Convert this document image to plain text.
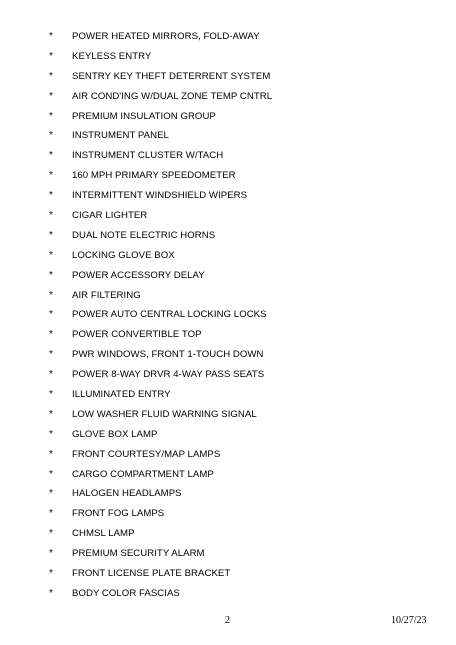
* POWER HEATED MIRRORS, FOLD-AWAY
* KEYLESS ENTRY
* SENTRY KEY THEFT DETERRENT SYSTEM
* AIR COND'ING W/DUAL ZONE TEMP CNTRL
* PREMIUM INSULATION GROUP
* INSTRUMENT PANEL
* INSTRUMENT CLUSTER W/TACH
* 160 MPH PRIMARY SPEEDOMETER
* INTERMITTENT WINDSHIELD WIPERS
* CIGAR LIGHTER
* DUAL NOTE ELECTRIC HORNS
* LOCKING GLOVE BOX
* POWER ACCESSORY DELAY
* AIR FILTERING
* POWER AUTO CENTRAL LOCKING LOCKS
* POWER CONVERTIBLE TOP
* PWR WINDOWS, FRONT 1-TOUCH DOWN
* POWER 8-WAY DRVR 4-WAY PASS SEATS
* ILLUMINATED ENTRY
* LOW WASHER FLUID WARNING SIGNAL
* GLOVE BOX LAMP
* FRONT COURTESY/MAP LAMPS
* CARGO COMPARTMENT LAMP
* HALOGEN HEADLAMPS
* FRONT FOG LAMPS
* CHMSL LAMP
* PREMIUM SECURITY ALARM
* FRONT LICENSE PLATE BRACKET
* BODY COLOR FASCIAS
2	10/27/23
